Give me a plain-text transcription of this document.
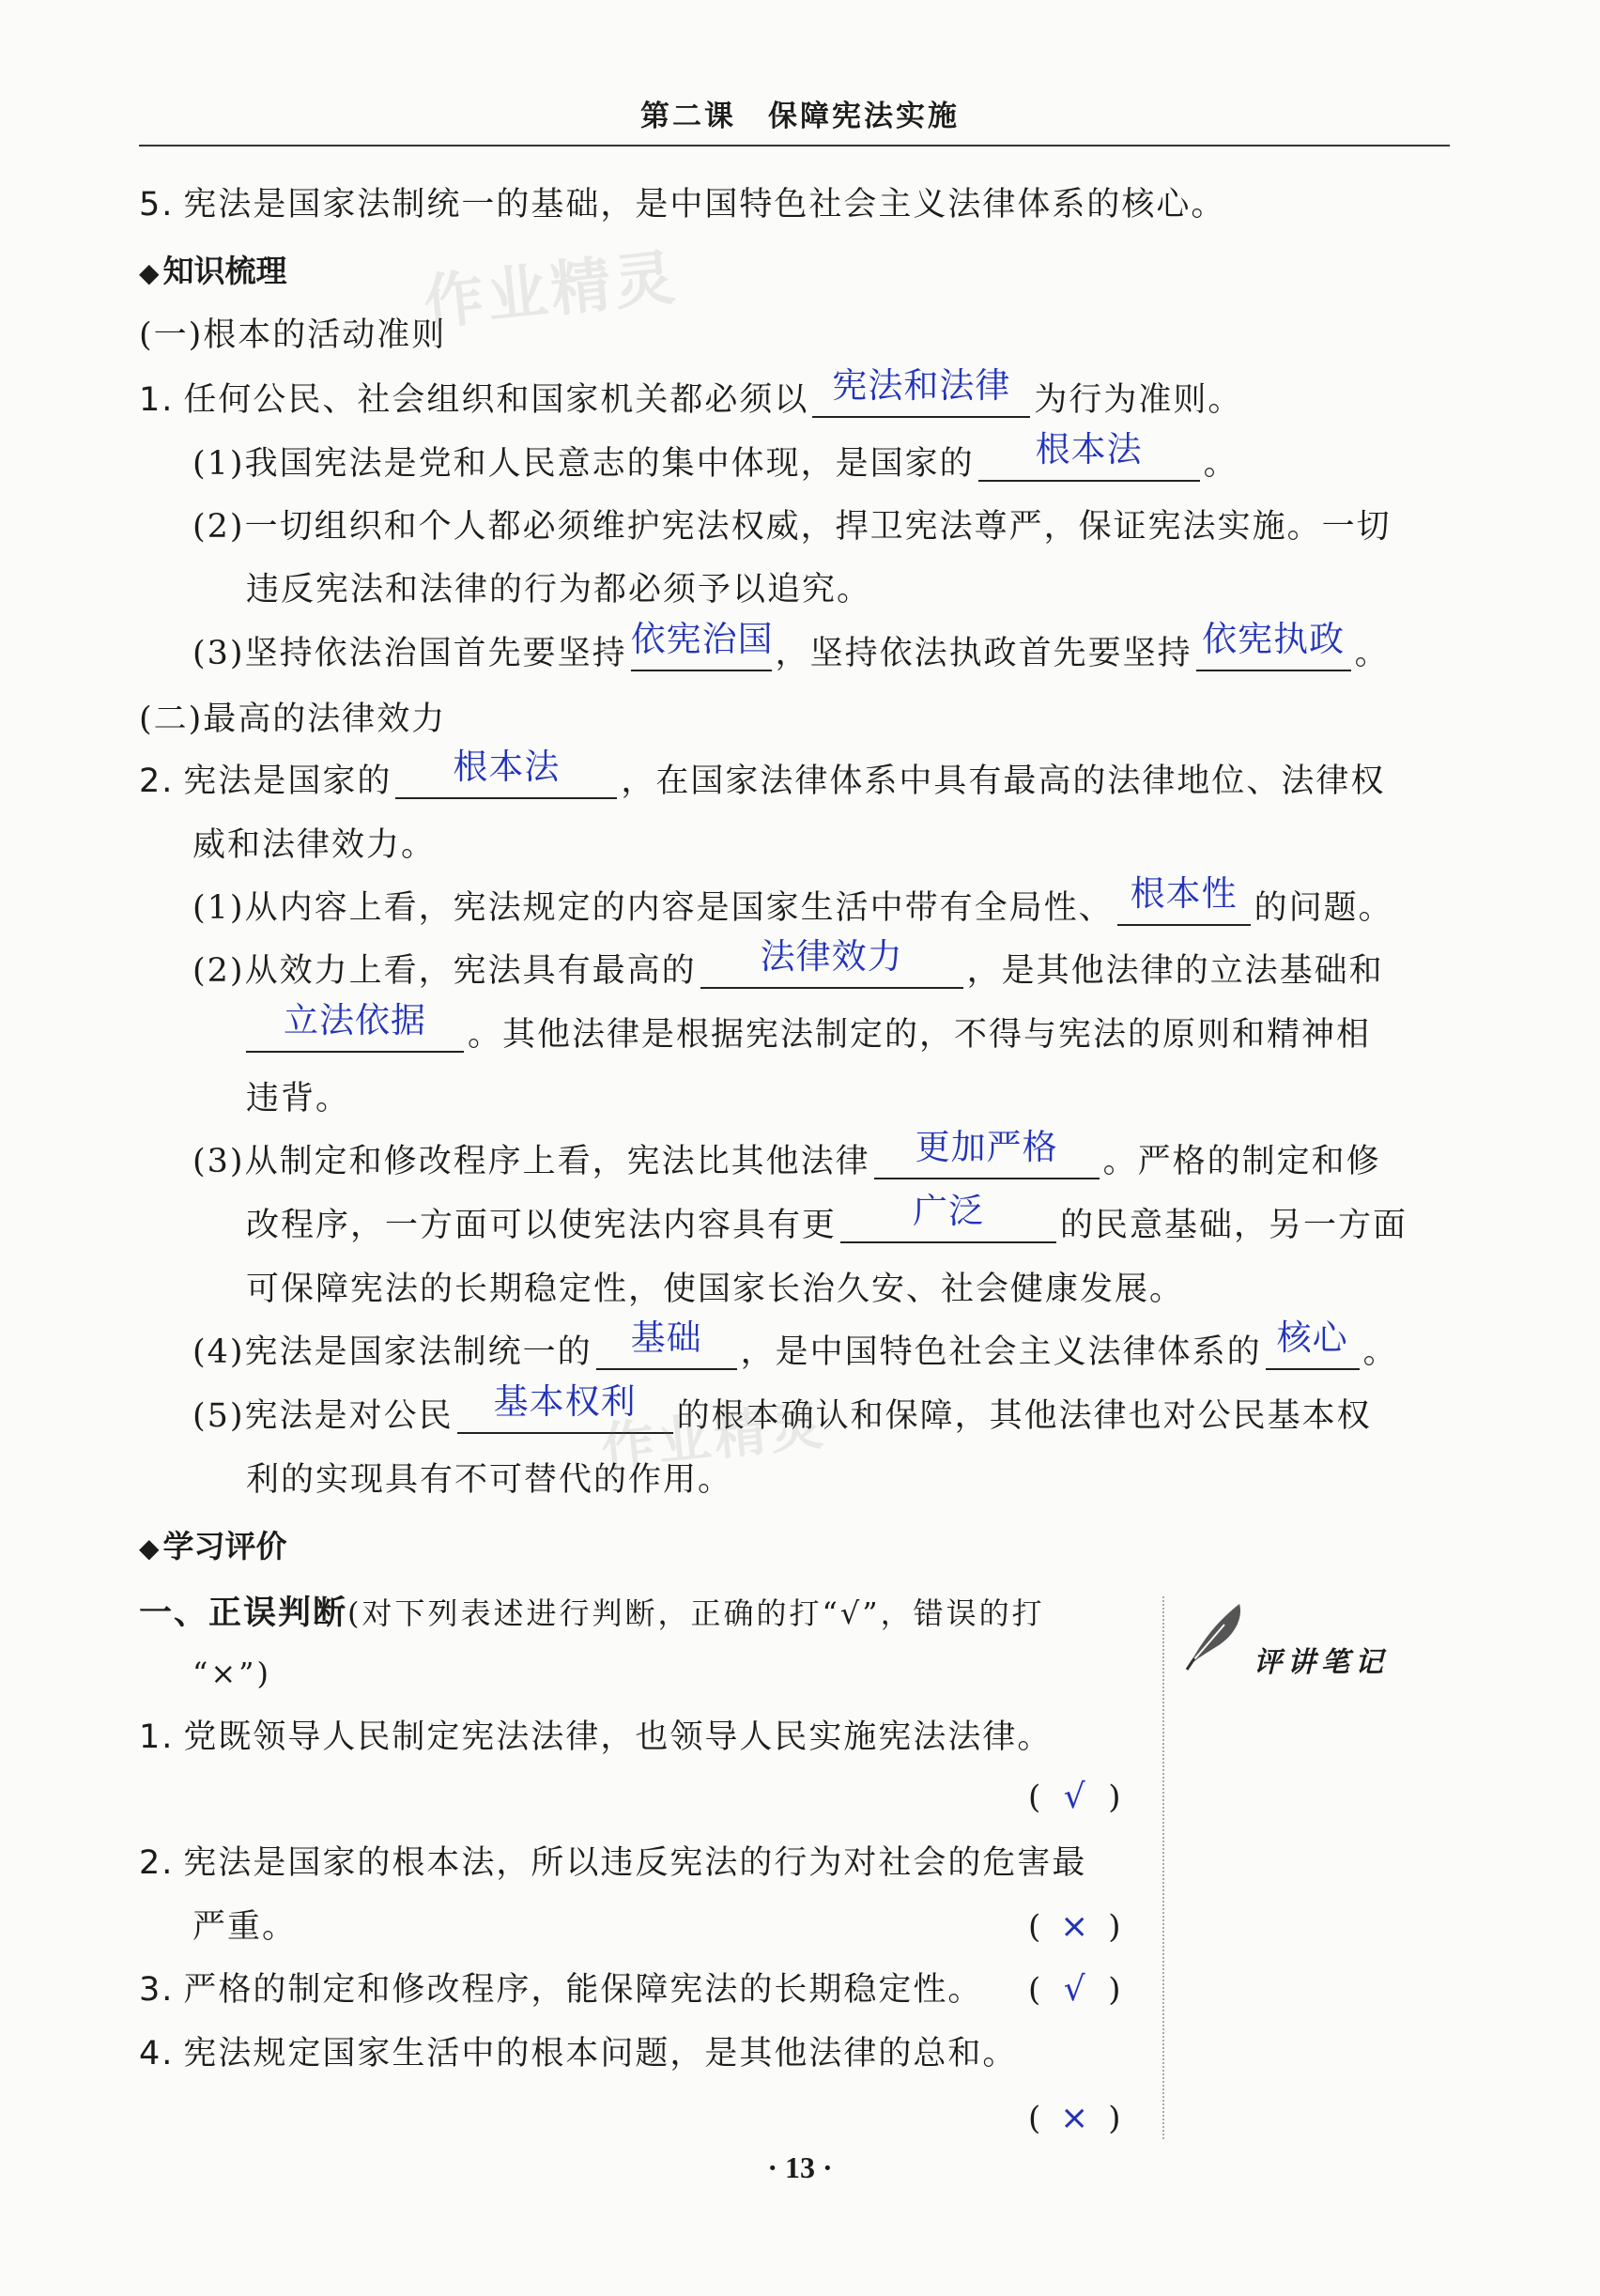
第二课 保障宪法实施
5. 宪法是国家法制统一的基础，是中国特色社会主义法律体系的核心。
◆ 知识梳理 作业精灵
(一)根本的活动准则
1. 任何公民、社会组织和国家机关都必须以 宪法和法律 为行为准则。
(1)我国宪法是党和人民意志的集中体现，是国家的	根本法	。
(2)一切组织和个人都必须维护宪法权威，捍卫宪法尊严，保证宪法实施。一切
违反宪法和法律的行为都必须予以追究。
(3)坚持依法治国首先要坚持 依宪治国 ，坚持依法执政首先要坚持 依宪执政 。
(二)最高的法律效力
2. 宪法是国家的	根本法	，在国家法律体系中具有最高的法律地位、法律权
威和法律效力。
(1)从内容上看，宪法规定的内容是国家生活中带有全局性、 根本性 的问题。
(2)从效力上看，宪法具有最高的	法律效力	，是其他法律的立法基础和
立法依据	。其他法律是根据宪法制定的，不得与宪法的原则和精神相
违背。
(3)从制定和修改程序上看，宪法比其他法律	更加严格	。严格的制定和修
改程序，一方面可以使宪法内容具有更	广泛	的民意基础，另一方面
可保障宪法的长期稳定性，使国家长治久安、社会健康发展。
(4)宪法是国家法制统一的	基础	，是中国特色社会主义法律体系的 核心 。
(5)宪法是对公民	基本权利	的根本确认和保障，其他法律也对公民基本权
作业精灵
利的实现具有不可替代的作用。
◆ 学习评价
一、正误判断(对下列表述进行判断，正确的打“√”，错误的打
“×”)	评讲笔记
1. 党既领导人民制定宪法法律，也领导人民实施宪法法律。
( √ )
2. 宪法是国家的根本法，所以违反宪法的行为对社会的危害最
严重。	( × )
3. 严格的制定和修改程序，能保障宪法的长期稳定性。 ( √ )
4. 宪法规定国家生活中的根本问题，是其他法律的总和。
( × )
· 13 ·
